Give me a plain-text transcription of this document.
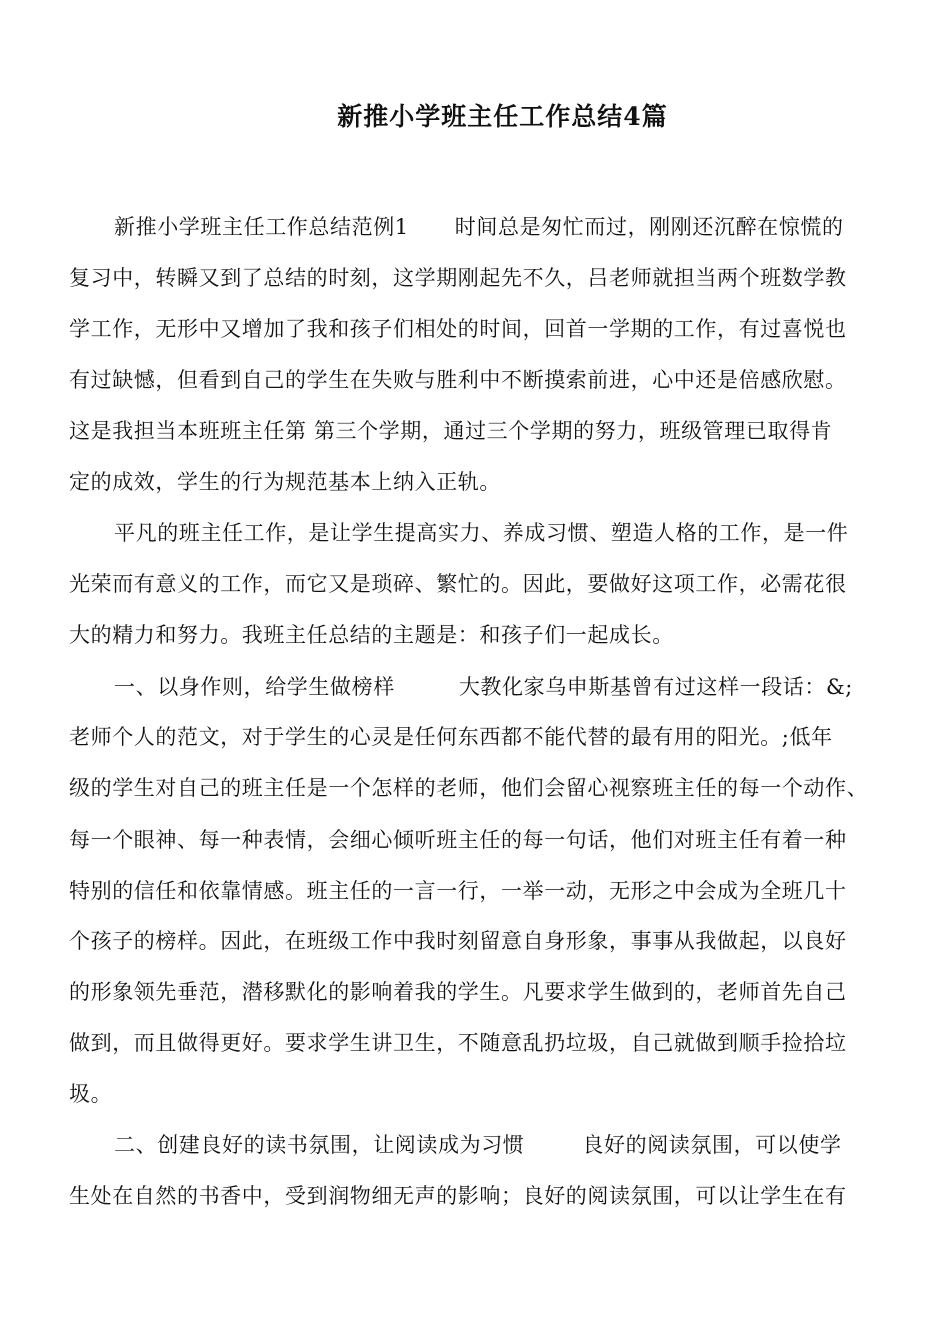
新推小学班主任工作总结4篇
新推小学班主任工作总结范例1 时间总是匆忙而过，刚刚还沉醉在惊慌的
复习中，转瞬又到了总结的时刻，这学期刚起先不久，吕老师就担当两个班数学教
学工作，无形中又增加了我和孩子们相处的时间，回首一学期的工作，有过喜悦也
有过缺憾，但看到自己的学生在失败与胜利中不断摸索前进，心中还是倍感欣慰。
这是我担当本班班主任第 第三个学期，通过三个学期的努力，班级管理已取得肯
定的成效，学生的行为规范基本上纳入正轨。
平凡的班主任工作，是让学生提高实力、养成习惯、塑造人格的工作，是一件
光荣而有意义的工作，而它又是琐碎、繁忙的。因此，要做好这项工作，必需花很
大的精力和努力。我班主任总结的主题是：和孩子们一起成长。
一、以身作则，给学生做榜样	大教化家乌申斯基曾有过这样一段话：&;
老师个人的范文，对于学生的心灵是任何东西都不能代替的最有用的阳光。;低年
级的学生对自己的班主任是一个怎样的老师，他们会留心视察班主任的每一个动作、
每一个眼神、每一种表情，会细心倾听班主任的每一句话，他们对班主任有着一种
特别的信任和依靠情感。班主任的一言一行，一举一动，无形之中会成为全班几十
个孩子的榜样。因此，在班级工作中我时刻留意自身形象，事事从我做起，以良好
的形象领先垂范，潜移默化的影响着我的学生。凡要求学生做到的，老师首先自己
做到，而且做得更好。要求学生讲卫生，不随意乱扔垃圾，自己就做到顺手捡拾垃
圾。
二、创建良好的读书氛围，让阅读成为习惯	良好的阅读氛围，可以使学
生处在自然的书香中，受到润物细无声的影响；良好的阅读氛围，可以让学生在有
